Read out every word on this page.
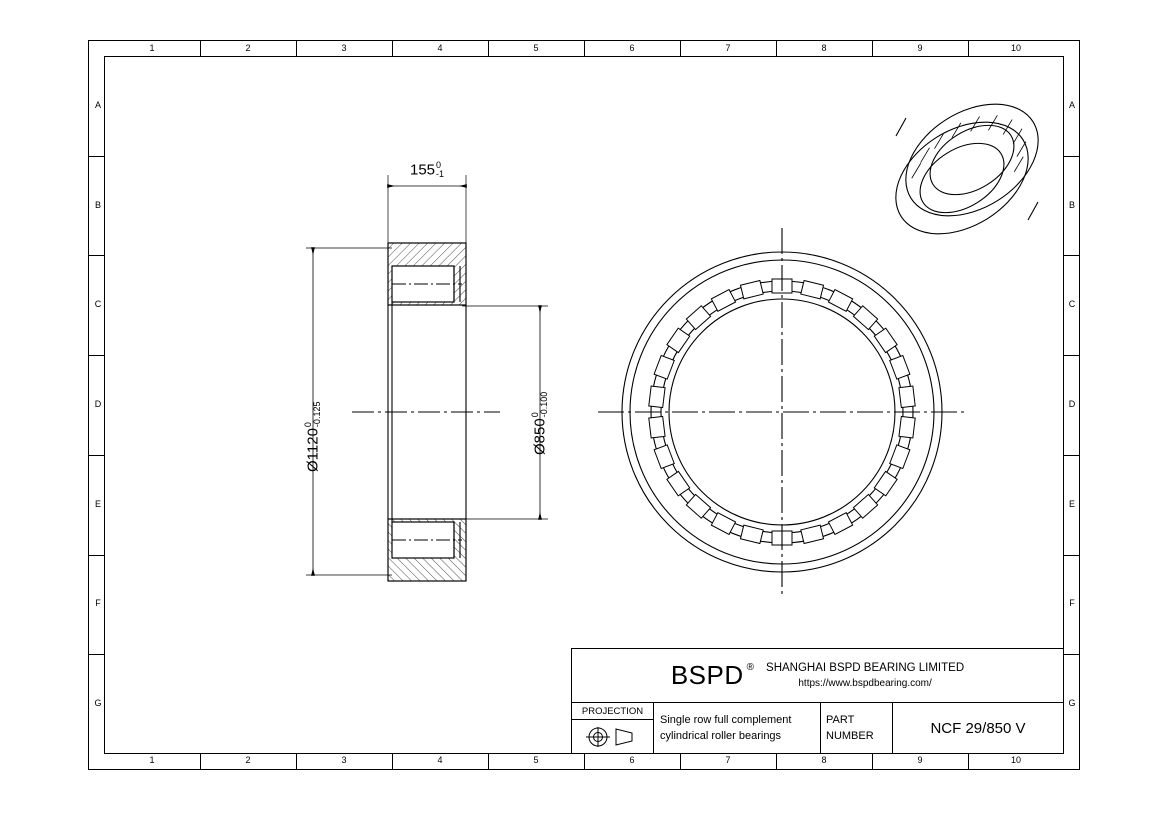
1
1
2
2
3
3
4
4
5
5
6
6
7
7
8
8
9
9
10
10
A	A
B	B
C	C
D	D
E	E
F	F
G	G
155 0
-1
Ø1120
0 -0.125
Ø850
0 -0.100
BSPD ® SHANGHAI BSPD BEARING LIMITED
https://www.bspdbearing.com/
PROJECTION
Single row full complement
cylindrical roller bearings
PART
NUMBER	NCF 29/850 V
